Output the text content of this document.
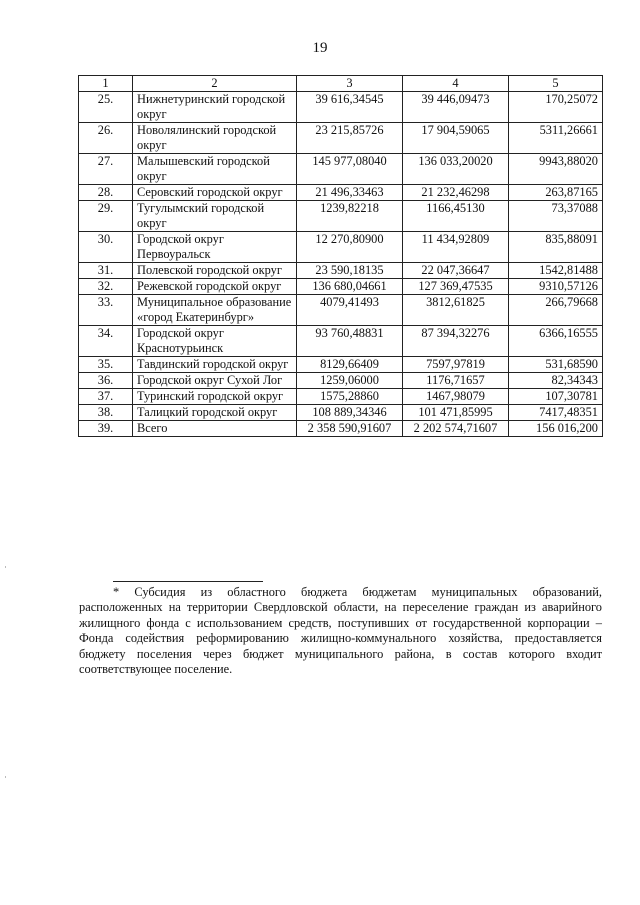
19
1	2	3	4	5
25.	Нижнетуринский городской округ	39 616,34545	39 446,09473	170,25072
26.	Новолялинский городской округ	23 215,85726	17 904,59065	5311,26661
27.	Малышевский городской округ	145 977,08040	136 033,20020	9943,88020
28.	Серовский городской округ	21 496,33463	21 232,46298	263,87165
29.	Тугулымский городской округ	1239,82218	1166,45130	73,37088
30.	Городской округ Первоуральск	12 270,80900	11 434,92809	835,88091
31.	Полевской городской округ	23 590,18135	22 047,36647	1542,81488
32.	Режевской городской округ	136 680,04661	127 369,47535	9310,57126
33.	Муниципальное образование «город Екатеринбург»	4079,41493	3812,61825	266,79668
34.	Городской округ Краснотурьинск	93 760,48831	87 394,32276	6366,16555
35.	Тавдинский городской округ	8129,66409	7597,97819	531,68590
36.	Городской округ Сухой Лог	1259,06000	1176,71657	82,34343
37.	Туринский городской округ	1575,28860	1467,98079	107,30781
38.	Талицкий городской округ	108 889,34346	101 471,85995	7417,48351
39.	Всего	2 358 590,91607	2 202 574,71607	156 016,200

* Субсидия из областного бюджета бюджетам муниципальных образований, расположенных на территории Свердловской области, на переселение граждан из аварийного жилищного фонда с использованием средств, поступивших от государственной корпорации – Фонда содействия реформированию жилищно-коммунального хозяйства, предоставляется бюджету поселения через бюджет муниципального района, в состав которого входит соответствующее поселение.
